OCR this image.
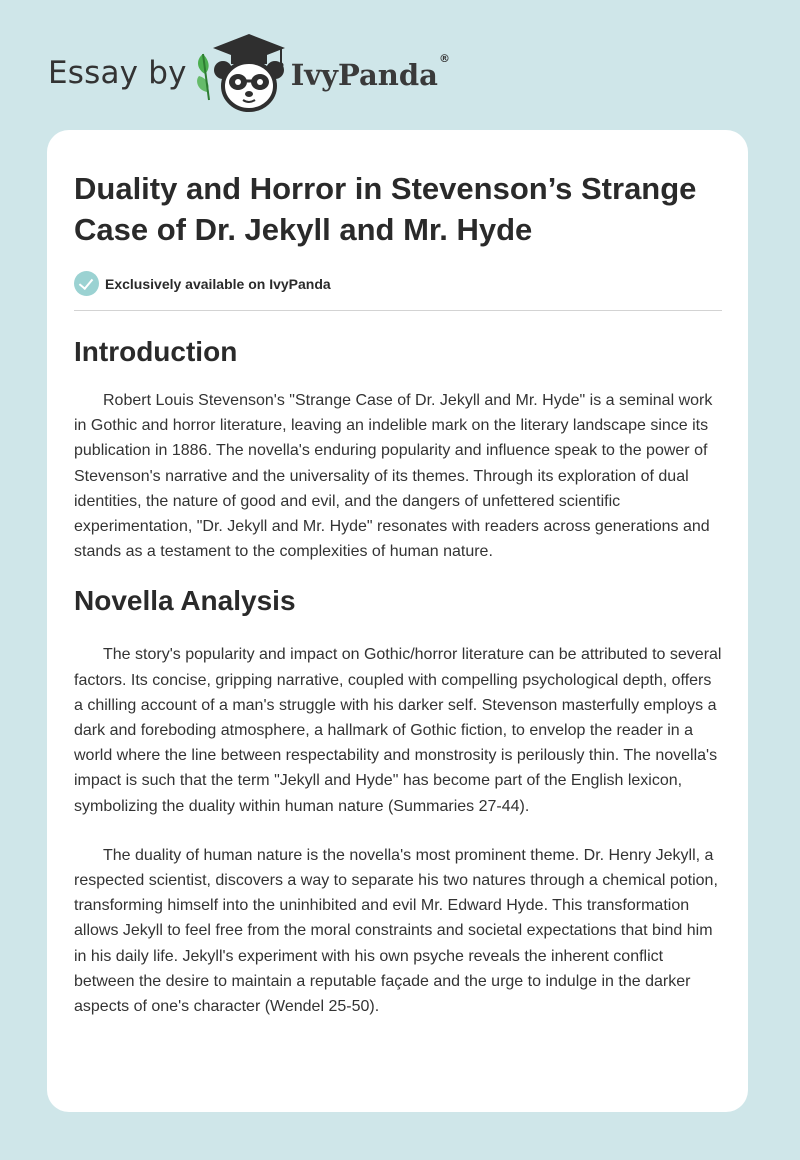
Essay by	IvyPanda®
Duality and Horror in Stevenson’s Strange Case of Dr. Jekyll and Mr. Hyde
Exclusively available on IvyPanda
Introduction

Robert Louis Stevenson's "Strange Case of Dr. Jekyll and Mr. Hyde" is a seminal work in Gothic and horror literature, leaving an indelible mark on the literary landscape since its publication in 1886. The novella's enduring popularity and influence speak to the power of Stevenson's narrative and the universality of its themes. Through its exploration of dual identities, the nature of good and evil, and the dangers of unfettered scientific experimentation, "Dr. Jekyll and Mr. Hyde" resonates with readers across generations and stands as a testament to the complexities of human nature.

Novella Analysis

The story's popularity and impact on Gothic/horror literature can be attributed to several factors. Its concise, gripping narrative, coupled with compelling psychological depth, offers a chilling account of a man's struggle with his darker self. Stevenson masterfully employs a dark and foreboding atmosphere, a hallmark of Gothic fiction, to envelop the reader in a world where the line between respectability and monstrosity is perilously thin. The novella's impact is such that the term "Jekyll and Hyde" has become part of the English lexicon, symbolizing the duality within human nature (Summaries 27-44).

The duality of human nature is the novella's most prominent theme. Dr. Henry Jekyll, a respected scientist, discovers a way to separate his two natures through a chemical potion, transforming himself into the uninhibited and evil Mr. Edward Hyde. This transformation allows Jekyll to feel free from the moral constraints and societal expectations that bind him in his daily life. Jekyll's experiment with his own psyche reveals the inherent conflict between the desire to maintain a reputable façade and the urge to indulge in the darker aspects of one's character (Wendel 25-50).
